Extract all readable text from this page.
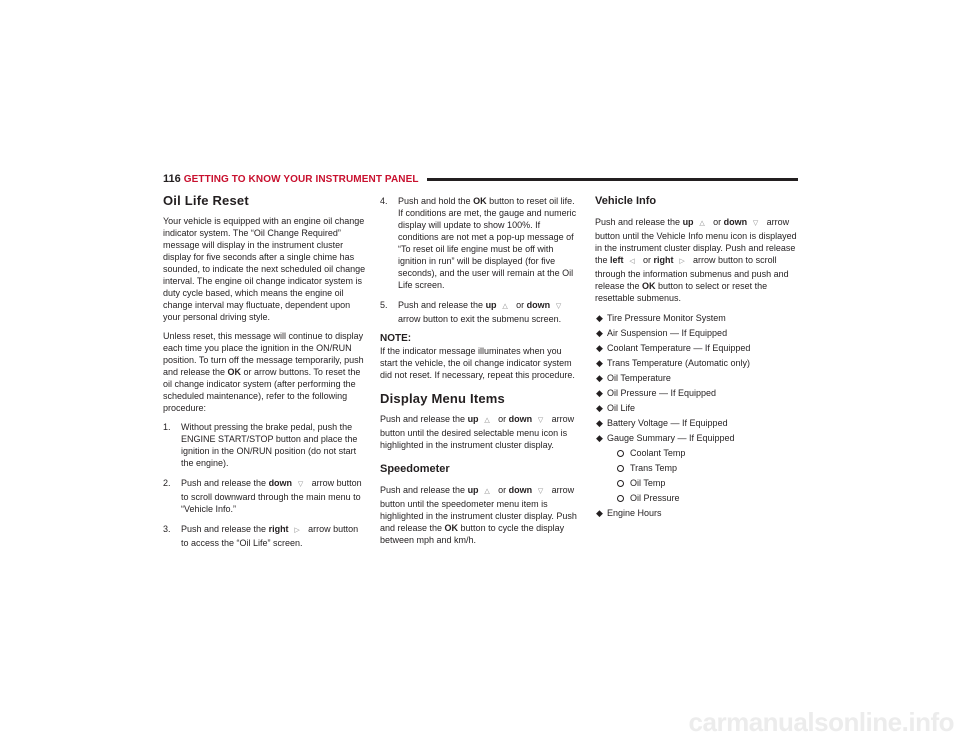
116 GETTING TO KNOW YOUR INSTRUMENT PANEL
Oil Life Reset

Your vehicle is equipped with an engine oil change indicator system. The “Oil Change Required” message will display in the instrument cluster display for five seconds after a single chime has sounded, to indicate the next scheduled oil change interval. The engine oil change indicator system is duty cycle based, which means the engine oil change interval may fluctuate, dependent upon your personal driving style.

Unless reset, this message will continue to display each time you place the ignition in the ON/RUN position. To turn off the message temporarily, push and release the OK or arrow buttons. To reset the oil change indicator system (after performing the scheduled maintenance), refer to the following procedure:

1. Without pressing the brake pedal, push the ENGINE START/STOP button and place the ignition in the ON/RUN position (do not start the engine).
2. Push and release the down ▽ arrow button to scroll downward through the main menu to “Vehicle Info.”
3. Push and release the right ▷ arrow button to access the “Oil Life” screen.
4. Push and hold the OK button to reset oil life. If conditions are met, the gauge and numeric display will update to show 100%. If conditions are not met a pop-up message of “To reset oil life engine must be off with ignition in run” will be displayed (for five seconds), and the user will remain at the Oil Life screen.
5. Push and release the up △ or down ▽ arrow button to exit the submenu screen.

NOTE:

If the indicator message illuminates when you start the vehicle, the oil change indicator system did not reset. If necessary, repeat this procedure.

Display Menu Items

Push and release the up △ or down ▽ arrow button until the desired selectable menu icon is highlighted in the instrument cluster display.

Speedometer

Push and release the up △ or down ▽ arrow button until the speedometer menu item is highlighted in the instrument cluster display. Push and release the OK button to cycle the display between mph and km/h.

Vehicle Info

Push and release the up △ or down ▽ arrow button until the Vehicle Info menu icon is displayed in the instrument cluster display. Push and release the left ◁ or right ▷ arrow button to scroll through the information submenus and push and release the OK button to select or reset the resettable submenus.

◆ Tire Pressure Monitor System
◆ Air Suspension — If Equipped
◆ Coolant Temperature — If Equipped
◆ Trans Temperature (Automatic only)
◆ Oil Temperature
◆ Oil Pressure — If Equipped
◆ Oil Life
◆ Battery Voltage — If Equipped
◆ Gauge Summary — If Equipped
Coolant Temp
Trans Temp
Oil Temp
Oil Pressure
◆ Engine Hours
carmanualsonline.info
